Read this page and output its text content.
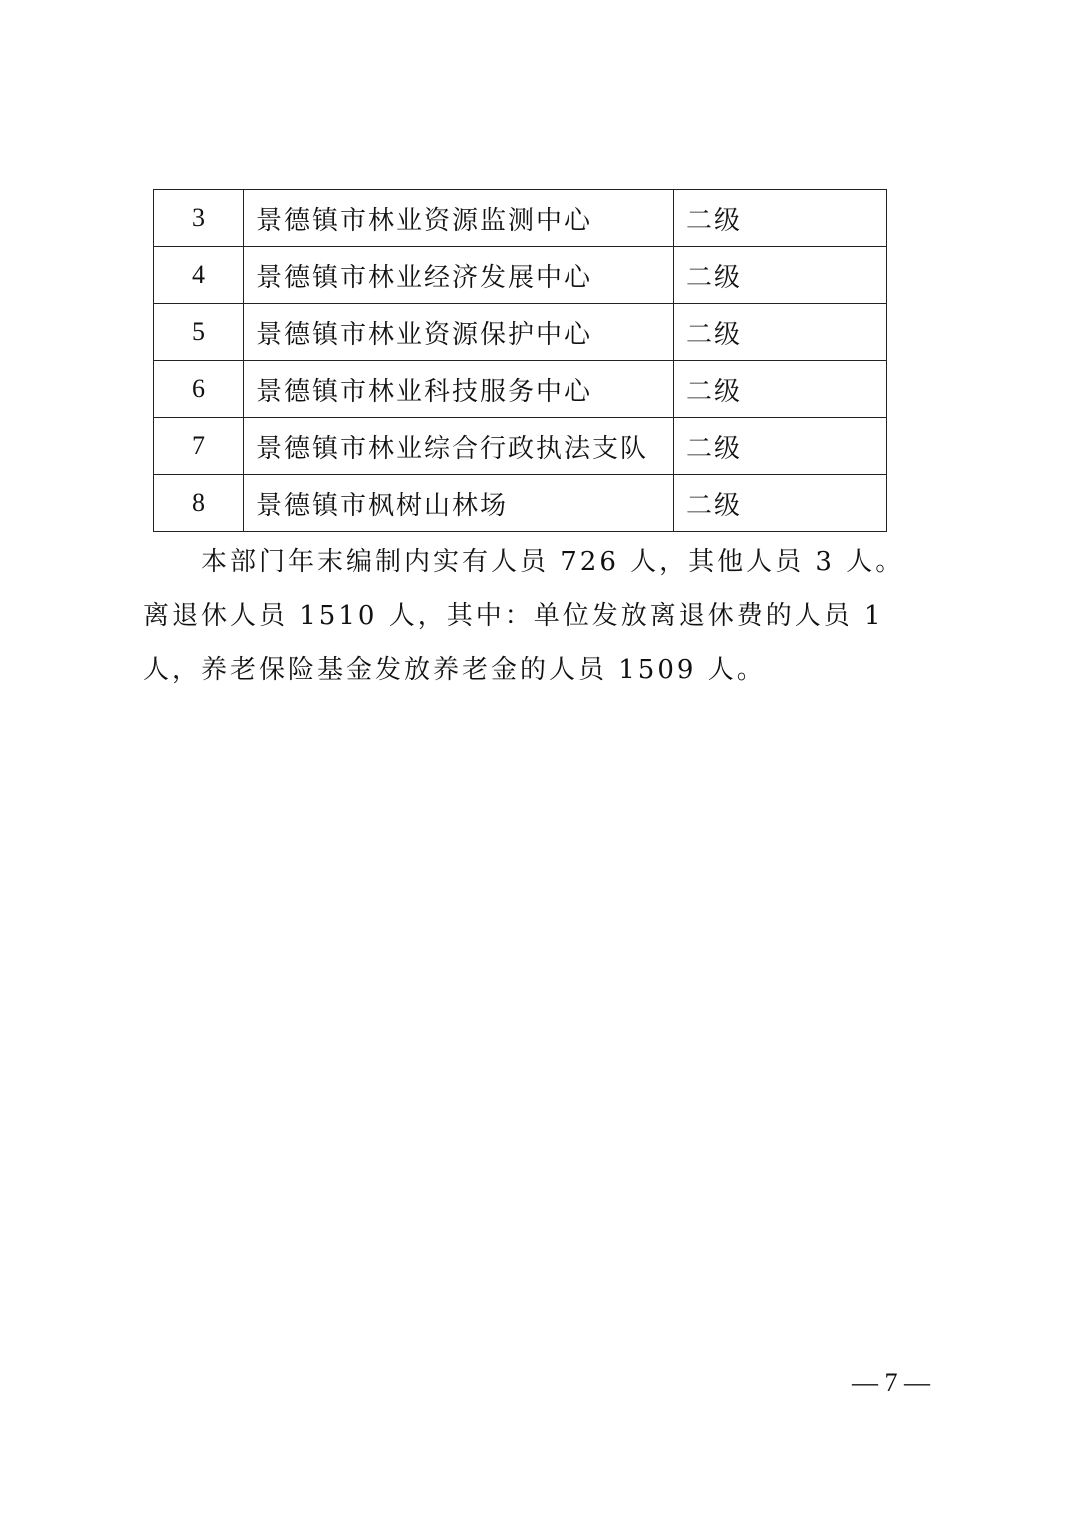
3	景德镇市林业资源监测中心	二级
4	景德镇市林业经济发展中心	二级
5	景德镇市林业资源保护中心	二级
6	景德镇市林业科技服务中心	二级
7	景德镇市林业综合行政执法支队	二级
8	景德镇市枫树山林场	二级

本部门年末编制内实有人员 726 人，其他人员 3 人。离退休人员 1510 人，其中：单位发放离退休费的人员 1 人，养老保险基金发放养老金的人员 1509 人。

— 7 —
